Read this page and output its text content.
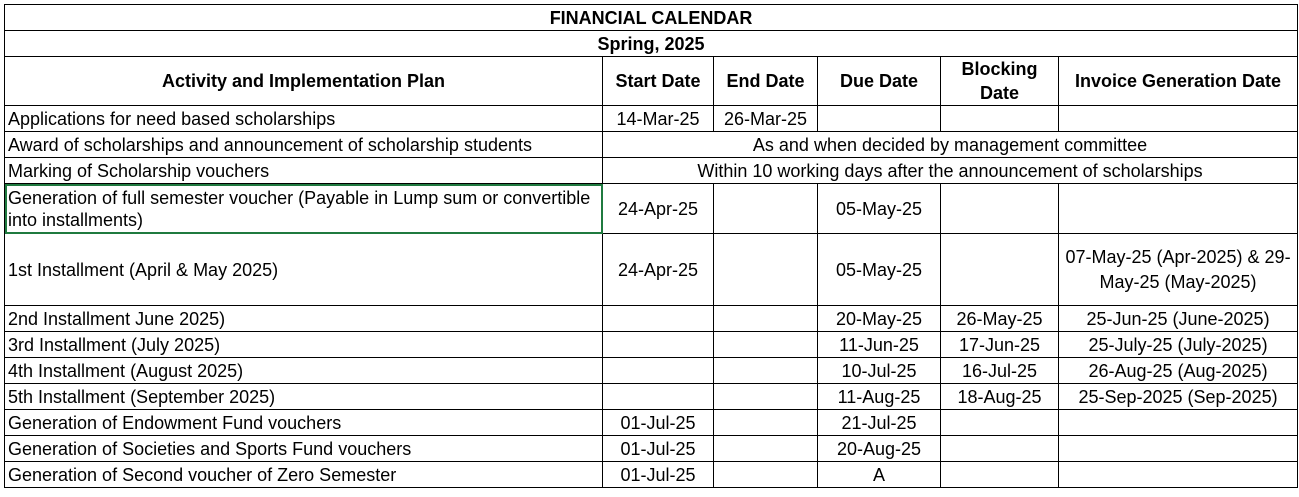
FINANCIAL CALENDAR					
Spring, 2025					
Activity and Implementation Plan	Start Date	End Date	Due Date	Blocking Date	Invoice Generation Date
Applications for need based scholarships	14-Mar-25	26-Mar-25			
Award of scholarships and announcement of scholarship students	As and when decided by management committee				
Marking of Scholarship vouchers	Within 10 working days after the announcement of scholarships				
Generation of full semester voucher (Payable in Lump sum or convertible into installments)	24-Apr-25		05-May-25		
1st Installment (April & May 2025)	24-Apr-25		05-May-25		07-May-25 (Apr-2025) & 29-May-25 (May-2025)
2nd Installment June 2025)			20-May-25	26-May-25	25-Jun-25 (June-2025)
3rd Installment (July 2025)			11-Jun-25	17-Jun-25	25-July-25 (July-2025)
4th Installment (August 2025)			10-Jul-25	16-Jul-25	26-Aug-25 (Aug-2025)
5th Installment (September 2025)			11-Aug-25	18-Aug-25	25-Sep-2025 (Sep-2025)
Generation of Endowment Fund vouchers	01-Jul-25		21-Jul-25		
Generation of Societies and Sports Fund vouchers	01-Jul-25		20-Aug-25		
Generation of Second voucher of Zero Semester	01-Jul-25		A		
